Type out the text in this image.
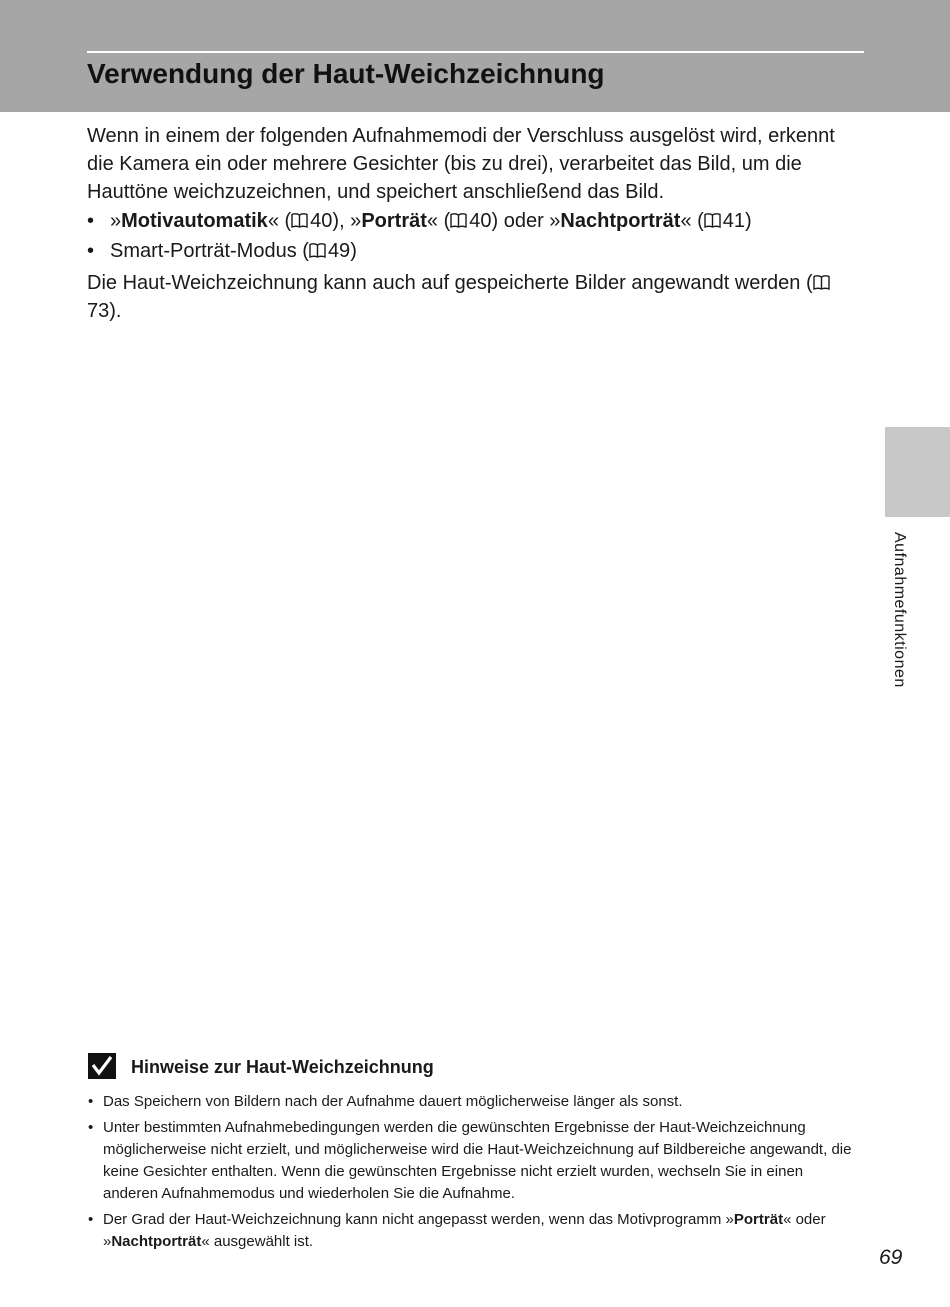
Verwendung der Haut-Weichzeichnung

Wenn in einem der folgenden Aufnahmemodi der Verschluss ausgelöst wird, erkennt die Kamera ein oder mehrere Gesichter (bis zu drei), verarbeitet das Bild, um die Hauttöne weichzuzeichnen, und speichert anschließend das Bild.

• »Motivautomatik« ( 40), »Porträt« ( 40) oder »Nachtporträt« ( 41)
• Smart-Porträt-Modus ( 49)

Die Haut-Weichzeichnung kann auch auf gespeicherte Bilder angewandt werden (73).

Aufnahmefunktionen
Hinweise zur Haut-Weichzeichnung
• Das Speichern von Bildern nach der Aufnahme dauert möglicherweise länger als sonst.
• Unter bestimmten Aufnahmebedingungen werden die gewünschten Ergebnisse der Haut-Weichzeichnung möglicherweise nicht erzielt, und möglicherweise wird die Haut-Weichzeichnung auf Bildbereiche angewandt, die keine Gesichter enthalten. Wenn die gewünschten Ergebnisse nicht erzielt wurden, wechseln Sie in einen anderen Aufnahmemodus und wiederholen Sie die Aufnahme.
• Der Grad der Haut-Weichzeichnung kann nicht angepasst werden, wenn das Motivprogramm »Porträt« oder »Nachtporträt« ausgewählt ist.
69
